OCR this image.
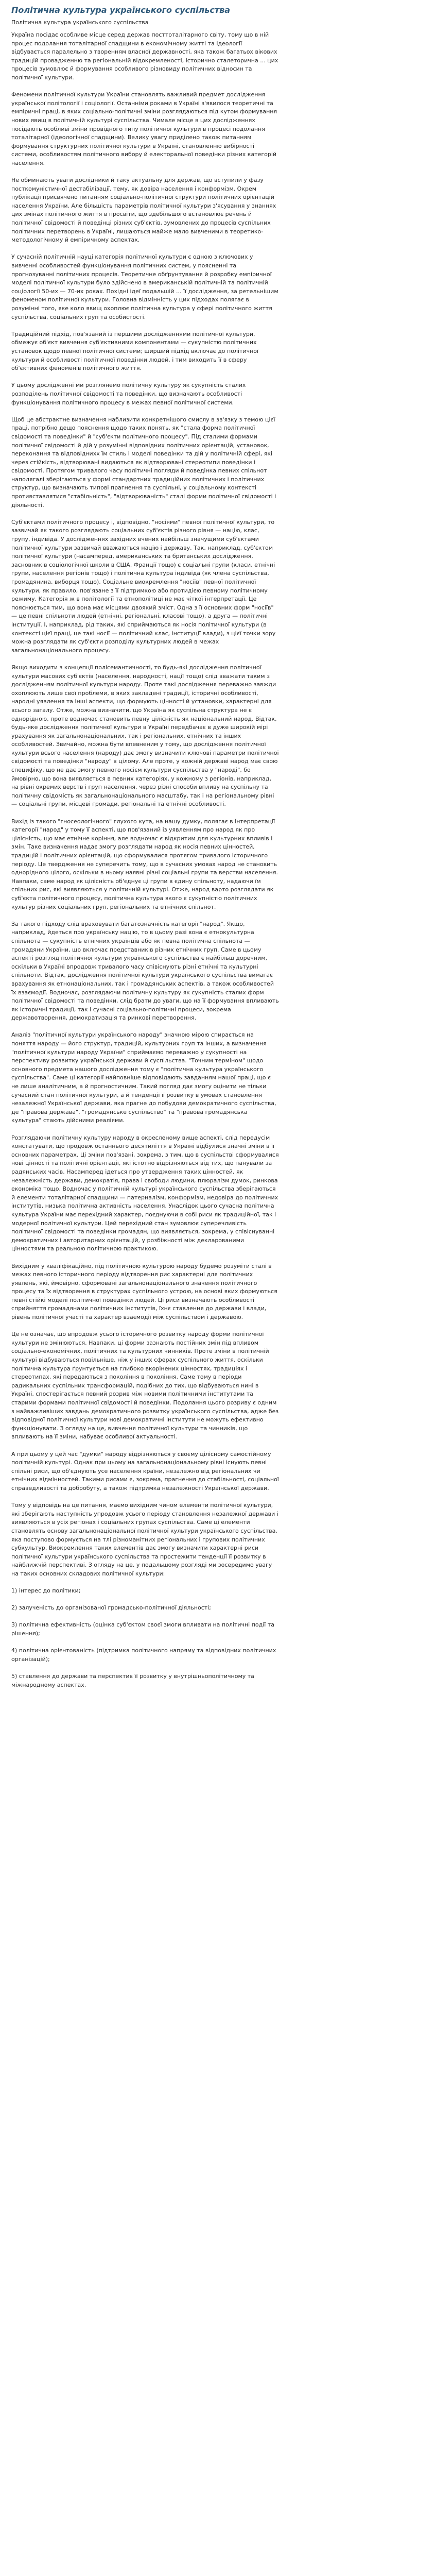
Політична культура українського суспільства
Політична культура українського суспільства

Україна посідає особливе місце серед держав посттоталітарного світу, тому що в ній процес подолання тоталітарної спадщини в економічному житті та ідеології відбувається паралельно з творенням власної державності, яка також багатьох вікових традицій провадженню та регіональній відокремленості, історично сталеторична ... цих процесів зумовлює й формування особливого різновиду політичних відносин та політичної культури.

Феномени політичної культури України становлять важливий предмет дослідження української політології і соціології. Останніми роками в Україні з'явилося теоретичні та емпіричні праці, в яких соціально-політичні зміни розглядаються під кутом формування нових явищ в політичній культурі суспільства. Чималe місце в цих дослідженнях посідають особливі зміни провідного типу політичної культури в процесі подолання тоталітарної (ідеологічної спадщини). Велику увагу приділено також питанням формування структурних політичної культури в Україні, становленню вибірності системи, особливостям політичного вибору й електоральної поведінки різних категорій населення.

Не обминають уваги дослідники й таку актуальну для держав, що вступили у фазу посткомуністичної дестабілізації, тему, як довіра населення і конформізм. Окрем публікації присвячено питанням соціально-політичної структури політичних орієнтацій населення України. Але більшість параметрів політичної культури з'ясування у знаннях цих змінах політичного життя в просвіти, що здебільшого встановлює речень й політичної свідомості й поведінці різних суб'єктів, зумовлених до процесів суспільних політичних перетворень в Україні, лишаються майже мало вивченими в теоретико-методологічному й емпіричному аспектах.

У сучасній політичній науці категорія політичної культури є одною з ключових у вивченні особливостей функціонування політичних систем, у поясненні та прогнозуванні політичних процесів. Теоретичне обґрунтування й розробку емпіричної моделі політичної культури було здійснено в американській політичній та політичній соціології 50-их — 70-их роках. Похідні ідеї подальшій ... її дослідження, за ретельнішим феноменом політичної культури. Головна відмінність у цих підходах полягає в розумінні того, яке коло явищ охоплює політична культура у сфері політичного життя суспільства, соціальних груп та особистості.

Традиційний підхід, пов'язаний із першими дослідженнями політичної культури, обмежує об'єкт вивчення суб'єктивними компонентами — сукупністю політичних установок щодо певної політичної системи; ширший підхід включає до політичної культури й особливості політичної поведінки людей, і тим виходить її в сферу об'єктивних феноменів політичного життя.

У цьому дослідженні ми розглянемо політичну культуру як сукупність сталих розподілень політичної свідомості та поведінки, що визначають особливості функціонування політичного процесу в межах певної політичної системи.

Щоб це абстрактне визначення наблизити конкретнішого смислу в зв'язку з темою цієї праці, потрібно дещо пояснення щодо таких понять, як "стала форма політичної свідомості та поведінки" й "суб'єкти політичного процесу". Під сталими формами політичної свідомості й дій у розумінні відповідних політичних орієнтацій, установок, переконання та відповіднихх їм стиль і моделі поведінки та дій у політичній сфері, які через стійкість, відтворювані видаються як відтворювані стереотипи поведінки і свідомості. Протягом тривалого часу політичні погляди й поведінка певних спільнот наполягалі зберігаються у формі стандартних традиційних політичних і політичних структур, що визначають типові прагнення та суспільні, у соціальному контексті противставлятися "стабільність", "відтворюваність" сталі форми політичної свідомості і діяльності.

Суб'єктами політичного процесу і, відповідно, "носіями" певної політичної культури, то зазвичай як такого розглядають соціальних суб'єктів різного рівня — націю, клас, групу, індивіда. У дослідженнях західних вчених найбільш значущими суб'єктами політичної культури зазвичай вважаються націю і державу. Так, наприклад, суб'єктом політичної культури (насамперед, американських та британських дослідження, засновників соціологічної школи в США, Франції тощо) є соціальні групи (класи, етнічні групи, населення регіонів тощо) і політична культура індивіда (як члена суспільства, громадянина, виборця тощо). Соціальне виокремлення "носіїв" певної політичної культури, як правило, пов'язане з її підтримкою або протидією певному політичному режиму. Категорія ж в політології та етнополітиці не має чіткої інтерпретації. Це пояснюється тим, що вона має місцями двоякий зміст. Одна з її основних форм "носіїв" — це певні спільноти людей (етнічні, регіональні, класові тощо), а друга — політичні інституції. І, наприклад, рід таких, які сприймаються як носія політичної культури (в контексті цієї праці, це такі носії — політичний клас, інституції влади), з цієї точки зору можна розглядати як суб'єкти розподілу культурних людей в межах загальнонаціонального процесу.

Якщо виходити з концепції полісемантичності, то будь-які дослідження політичної культури масових суб'єктів (населення, народності, нації тощо) слід вважати таким з дослідженням політичної культури народу. Проте такі дослідження переважно завжди охоплюють лише свої проблеми, в яких закладені традиції, історичні особливості, народні уявлення та інші аспекти, що формують цінності й установки, характерні для всього загалу. Отже, можна визначити, що Україна як суспільна структура не є однорідною, проте водночас становить певну цілісність як національний народ. Відтак, будь-яке дослідження політичної культури в Україні передбачає в дуже широкій мірі урахування як загальнонаціональних, так і регіональних, етнічних та інших особливостей. Звичайно, можна бути впевненим у тому, що дослідження політичної культури всього населення (народу) дає змогу визначити ключові параметри політичної свідомості та поведінки "народу" в цілому. Але проте, у кожній державі народ має свою специфіку, що не дає змогу певного носієм культури суспільства у "народі", бо ймовірно, що вона виявляється в певних категоріях, у кожному з регіонів, наприклад, на рівні окремих верств і груп населення, через різні способи впливу на суспільну та політичну свідомість як загальнонаціонального масштабу, так і на регіональному рівні — соціальні групи, місцеві громади, регіональні та етнічні особливості.

Вихід із такого "гносеологічного" глухого кута, на нашу думку, полягає в інтерпретації категорії "народ" у тому її аспекті, що пов'язаний із уявленням про народ як про цілісність, що має етнічне коріння, але водночас є відкритим для культурних впливів і змін. Таке визначення надає змогу розглядати народ як носія певних цінностей, традицій і політичних орієнтацій, що сформувалися протягом тривалого історичного періоду. Це твердження не суперечить тому, що в сучасних умовах народ не становить однорідного цілого, оскільки в ньому наявні різні соціальні групи та верстви населення. Навпаки, саме народ як цілісність об'єднує ці групи в єдину спільноту, надаючи їм спільних рис, які виявляються у політичній культурі. Отже, народ варто розглядати як суб'єкта політичного процесу, політична культура якого є сукупністю політичних культур різних соціальних груп, регіональних та етнічних спільнот.

За такого підходу слід враховувати багатозначність категорії "народ". Якщо, наприклад, йдеться про українську націю, то в цьому разі вона є етнокультурна спільнота — сукупність етнічних українців або як певна політична спільнота — громадяни України, що включає представників різних етнічних груп. Саме в цьому аспекті розгляд політичної культури українського суспільства є найбільш доречним, оскільки в Україні впродовж тривалого часу співіснують різні етнічні та культурні спільноти. Відтак, дослідження політичної культури українського суспільства вимагає врахування як етнонаціональних, так і громадянських аспектів, а також особливостей їх взаємодії. Водночас, розглядаючи політичну культуру як сукупність сталих форм політичної свідомості та поведінки, слід брати до уваги, що на її формування впливають як історичні традиції, так і сучасні соціально-політичні процеси, зокрема державотворення, демократизація та ринкові перетворення.

Аналіз "політичної культури українського народу" значною мірою спирається на поняття народу — його структур, традицій, культурних груп та інших, а визначення "політичної культури народу України" сприймаємо переважно у сукупності на перспективу розвитку української держави й суспільства. "Точним терміном" щодо основного предмета нашого дослідження тому є "політична культура українського суспільства". Саме ці категорії найповніше відповідають завданням нашої праці, що є не лише аналітичним, а й прогностичним. Такий погляд дає змогу оцінити не тільки сучасний стан політичної культури, а й тенденції її розвитку в умовах становлення незалежної Української держави, яка прагне до побудови демократичного суспільства, де "правова держава", "громадянське суспільство" та "правова громадянська культура" стають дійсними реаліями.

Розглядаючи політичну культуру народу в окресленому вище аспекті, слід передусім констатувати, що продовж останнього десятиліття в Україні відбулися значні зміни в її основних параметрах. Ці зміни пов'язані, зокрема, з тим, що в суспільстві сформувалися нові цінності та політичні орієнтації, які істотно відрізняються від тих, що панували за радянських часів. Насамперед ідеться про утвердження таких цінностей, як незалежність держави, демократія, права і свободи людини, плюралізм думок, ринкова економіка тощо. Водночас у політичній культурі українського суспільства зберігаються й елементи тоталітарної спадщини — патерналізм, конформізм, недовіра до політичних інститутів, низька політична активність населення. Унаслідок цього сучасна політична культура України має перехідний характер, поєднуючи в собі риси як традиційної, так і модерної політичної культури. Цей перехідний стан зумовлює суперечливість політичної свідомості та поведінки громадян, що виявляється, зокрема, у співіснуванні демократичних і авторитарних орієнтацій, у розбіжності між декларованими цінностями та реальною політичною практикою.

Вихідним у кваліфікаційно, під політичною культурою народу будемо розуміти сталі в межах певного історичного періоду відтворення рис характерні для політичних уявлень, які, ймовірно, сформовані загальнонаціонального значення політичного процесу та їх відтворення в структурах суспільного устрою, на основі яких формуються певні стійкі моделі політичної поведінки людей. Ці риси визначають особливості сприйняття громадянами політичних інститутів, їхнє ставлення до держави і влади, рівень політичної участі та характер взаємодії між суспільством і державою.

Це не означає, що впродовж усього історичного розвитку народу форми політичної культури не змінюються. Навпаки, ці форми зазнають постійних змін під впливом соціально-економічних, політичних та культурних чинників. Проте зміни в політичній культурі відбуваються повільніше, ніж у інших сферах суспільного життя, оскільки політична культура ґрунтується на глибоко вкорінених цінностях, традиціях і стереотипах, які передаються з покоління в покоління. Саме тому в періоди радикальних суспільних трансформацій, подібних до тих, що відбуваються нині в Україні, спостерігається певний розрив між новими політичними інститутами та старими формами політичної свідомості й поведінки. Подолання цього розриву є одним з найважливіших завдань демократичного розвитку українського суспільства, адже без відповідної політичної культури нові демократичні інститути не можуть ефективно функціонувати. З огляду на це, вивчення політичної культури та чинників, що впливають на її зміни, набуває особливої актуальності.

А при цьому у цей час "думки" народу відрізняються у своєму цілісному самостійному політичній культурі. Однак при цьому на загальнонаціональному рівні існують певні спільні риси, що об'єднують усе населення країни, незалежно від регіональних чи етнічних відмінностей. Такими рисами є, зокрема, прагнення до стабільності, соціальної справедливості та добробуту, а також підтримка незалежності Української держави.

Тому у відповідь на це питання, маємо вихідним чином елементи політичної культури, які зберігають наступність упродовж усього періоду становлення незалежної держави і виявляються в усіх регіонах і соціальних групах суспільства. Саме ці елементи становлять основу загальнонаціональної політичної культури українського суспільства, яка поступово формується на тлі різноманітних регіональних і групових політичних субкультур. Виокремлення таких елементів дає змогу визначити характерні риси політичної культури українського суспільства та простежити тенденції її розвитку в найближчій перспективі. З огляду на це, у подальшому розгляді ми зосередимо увагу на таких основних складових політичної культури:

1) інтерес до політики;

2) залученість до організованої громадсько-політичної діяльності;

3) політична ефективність (оцінка суб'єктом своєї змоги впливати на політичні події та рішення);

4) політична орієнтованість (підтримка політичного напряму та відповідних політичних організацій);

5) ставлення до держави та перспектив її розвитку у внутрішньополітичному та міжнародному аспектах.
